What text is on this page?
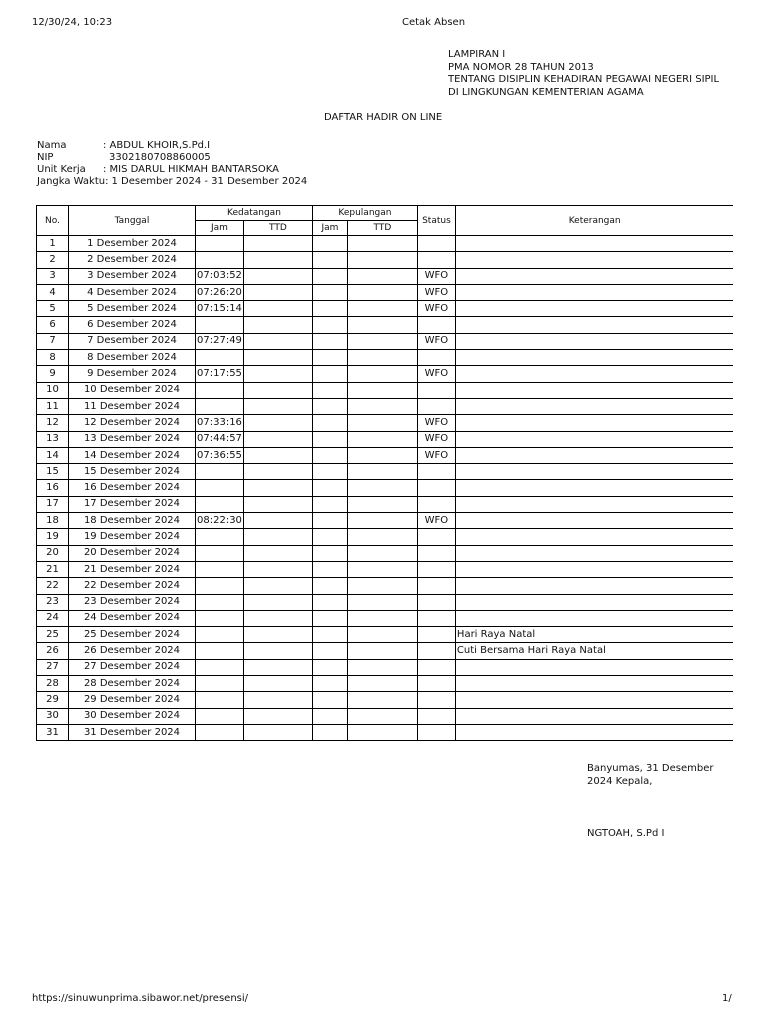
12/30/24, 10:23	Cetak Absen
LAMPIRAN I
PMA NOMOR 28 TAHUN 2013
TENTANG DISIPLIN KEHADIRAN PEGAWAI NEGERI SIPIL
DI LINGKUNGAN KEMENTERIAN AGAMA
DAFTAR HADIR ON LINE
Nama	: ABDUL KHOIR,S.Pd.I
NIP	3302180708860005
Unit Kerja	: MIS DARUL HIKMAH BANTARSOKA
Jangka Waktu: 1 Desember 2024 - 31 Desember 2024
No.	Tanggal	Kedatangan		Kepulangan		Status	Keterangan
		Jam	TTD	Jam	TTD		
1	1 Desember 2024						
2	2 Desember 2024						
3	3 Desember 2024	07:03:52				WFO	
4	4 Desember 2024	07:26:20				WFO	
5	5 Desember 2024	07:15:14				WFO	
6	6 Desember 2024						
7	7 Desember 2024	07:27:49				WFO	
8	8 Desember 2024						
9	9 Desember 2024	07:17:55				WFO	
10	10 Desember 2024						
11	11 Desember 2024						
12	12 Desember 2024	07:33:16				WFO	
13	13 Desember 2024	07:44:57				WFO	
14	14 Desember 2024	07:36:55				WFO	
15	15 Desember 2024						
16	16 Desember 2024						
17	17 Desember 2024						
18	18 Desember 2024	08:22:30				WFO	
19	19 Desember 2024						
20	20 Desember 2024						
21	21 Desember 2024						
22	22 Desember 2024						
23	23 Desember 2024						
24	24 Desember 2024						
25	25 Desember 2024						Hari Raya Natal
26	26 Desember 2024						Cuti Bersama Hari Raya Natal
27	27 Desember 2024						
28	28 Desember 2024						
29	29 Desember 2024						
30	30 Desember 2024						
31	31 Desember 2024						
Banyumas, 31 Desember 2024 Kepala,
NGTOAH, S.Pd I
https://sinuwunprima.sibawor.net/presensi/	1/
